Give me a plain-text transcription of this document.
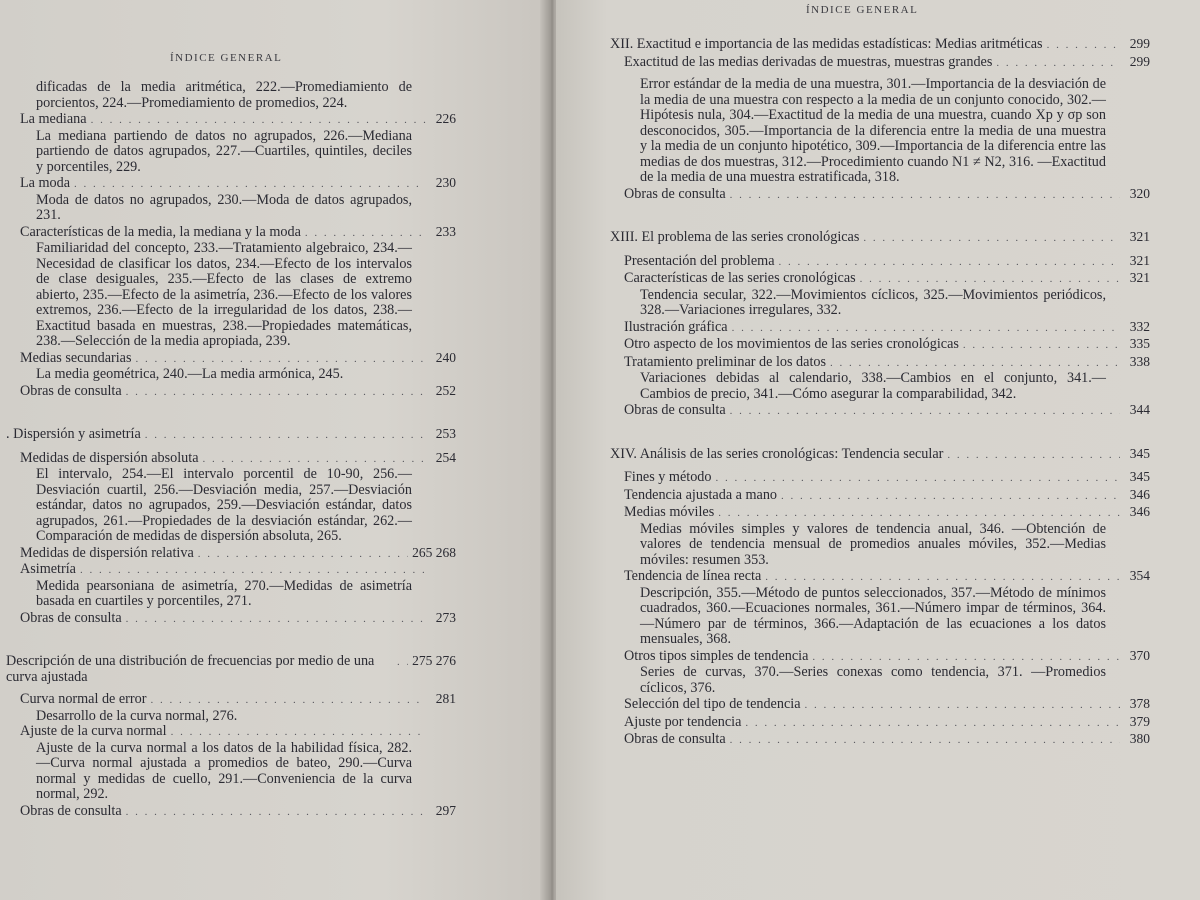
ÍNDICE GENERAL
dificadas de la media aritmética, 222.—Promediamiento de porcientos, 224.—Promediamiento de promedios, 224.
La mediana . . .	226
La mediana partiendo de datos no agrupados, 226.—Mediana partiendo de datos agrupados, 227.—Cuartiles, quintiles, deciles y porcentiles, 229.
La moda . . .	230
Moda de datos no agrupados, 230.—Moda de datos agrupados, 231.
Características de la media, la mediana y la moda . . .	233
Familiaridad del concepto, 233.—Tratamiento algebraico, 234.—Necesidad de clasificar los datos, 234.—Efecto de los intervalos de clase desiguales, 235.—Efecto de las clases de extremo abierto, 235.—Efecto de la asimetría, 236.—Efecto de los valores extremos, 236.—Efecto de la irregularidad de los datos, 238.—Exactitud basada en muestras, 238.—Propiedades matemáticas, 238.—Selección de la media apropiada, 239.
Medias secundarias . . .	240
La media geométrica, 240.—La media armónica, 245.
Obras de consulta . . .	252
. Dispersión y asimetría . . .	253
Medidas de dispersión absoluta . . .	254
El intervalo, 254.—El intervalo porcentil de 10-90, 256.—Desviación cuartil, 256.—Desviación media, 257.—Desviación estándar, datos no agrupados, 259.—Desviación estándar, datos agrupados, 261.—Propiedades de la desviación estándar, 262.—Comparación de medidas de dispersión absoluta, 265.
Medidas de dispersión relativa . . .	265 268
Asimetría
. . .
Medida pearsoniana de asimetría, 270.—Medidas de asimetría basada en cuartiles y porcentiles, 271.
Obras de consulta . . .	273
Descripción de una distribución de frecuencias por medio de una curva ajustada
. . .
275 276
Curva normal de error . . .	281
Desarrollo de la curva normal, 276.
Ajuste de la curva normal
. . .
Ajuste de la curva normal a los datos de la habilidad física, 282.—Curva normal ajustada a promedios de bateo, 290.—Curva normal y medidas de cuello, 291.—Conveniencia de la curva normal, 292.
Obras de consulta . . .	297
ÍNDICE GENERAL
XII. Exactitud e importancia de las medidas estadísticas: Medias aritméticas . . .	299
Exactitud de las medias derivadas de muestras, muestras grandes . . .	299
Error estándar de la media de una muestra, 301.—Importancia de la desviación de la media de una muestra con respecto a la media de un conjunto conocido, 302.—Hipótesis nula, 304.—Exactitud de la media de una muestra, cuando Xp y σp son desconocidos, 305.—Importancia de la diferencia entre la media de una muestra y la media de un conjunto hipotético, 309.—Importancia de la diferencia entre las medias de dos muestras, 312.—Procedimiento cuando N1 ≠ N2, 316. —Exactitud de la media de una muestra estratificada, 318.
Obras de consulta . . .	320
XIII. El problema de las series cronológicas . . .	321
Presentación del problema . . .	321
Características de las series cronológicas . . .	321
Tendencia secular, 322.—Movimientos cíclicos, 325.—Movimientos periódicos, 328.—Variaciones irregulares, 332.
Ilustración gráfica . . .	332
Otro aspecto de los movimientos de las series cronológicas . . .	335
Tratamiento preliminar de los datos . . .	338
Variaciones debidas al calendario, 338.—Cambios en el conjunto, 341.—Cambios de precio, 341.—Cómo asegurar la comparabilidad, 342.
Obras de consulta . . .	344
XIV. Análisis de las series cronológicas: Tendencia secular . . .	345
Fines y método . . .	345
Tendencia ajustada a mano . . .	346
Medias móviles . . .	346
Medias móviles simples y valores de tendencia anual, 346. —Obtención de valores de tendencia mensual de promedios anuales móviles, 352.—Medias móviles: resumen 353.
Tendencia de línea recta . . .	354
Descripción, 355.—Método de puntos seleccionados, 357.—Método de mínimos cuadrados, 360.—Ecuaciones normales, 361.—Número impar de términos, 364.—Número par de términos, 366.—Adaptación de las ecuaciones a los datos mensuales, 368.
Otros tipos simples de tendencia . . .	370
Series de curvas, 370.—Series conexas como tendencia, 371. —Promedios cíclicos, 376.
Selección del tipo de tendencia . . .	378
Ajuste por tendencia . . .	379
Obras de consulta . . .	380
